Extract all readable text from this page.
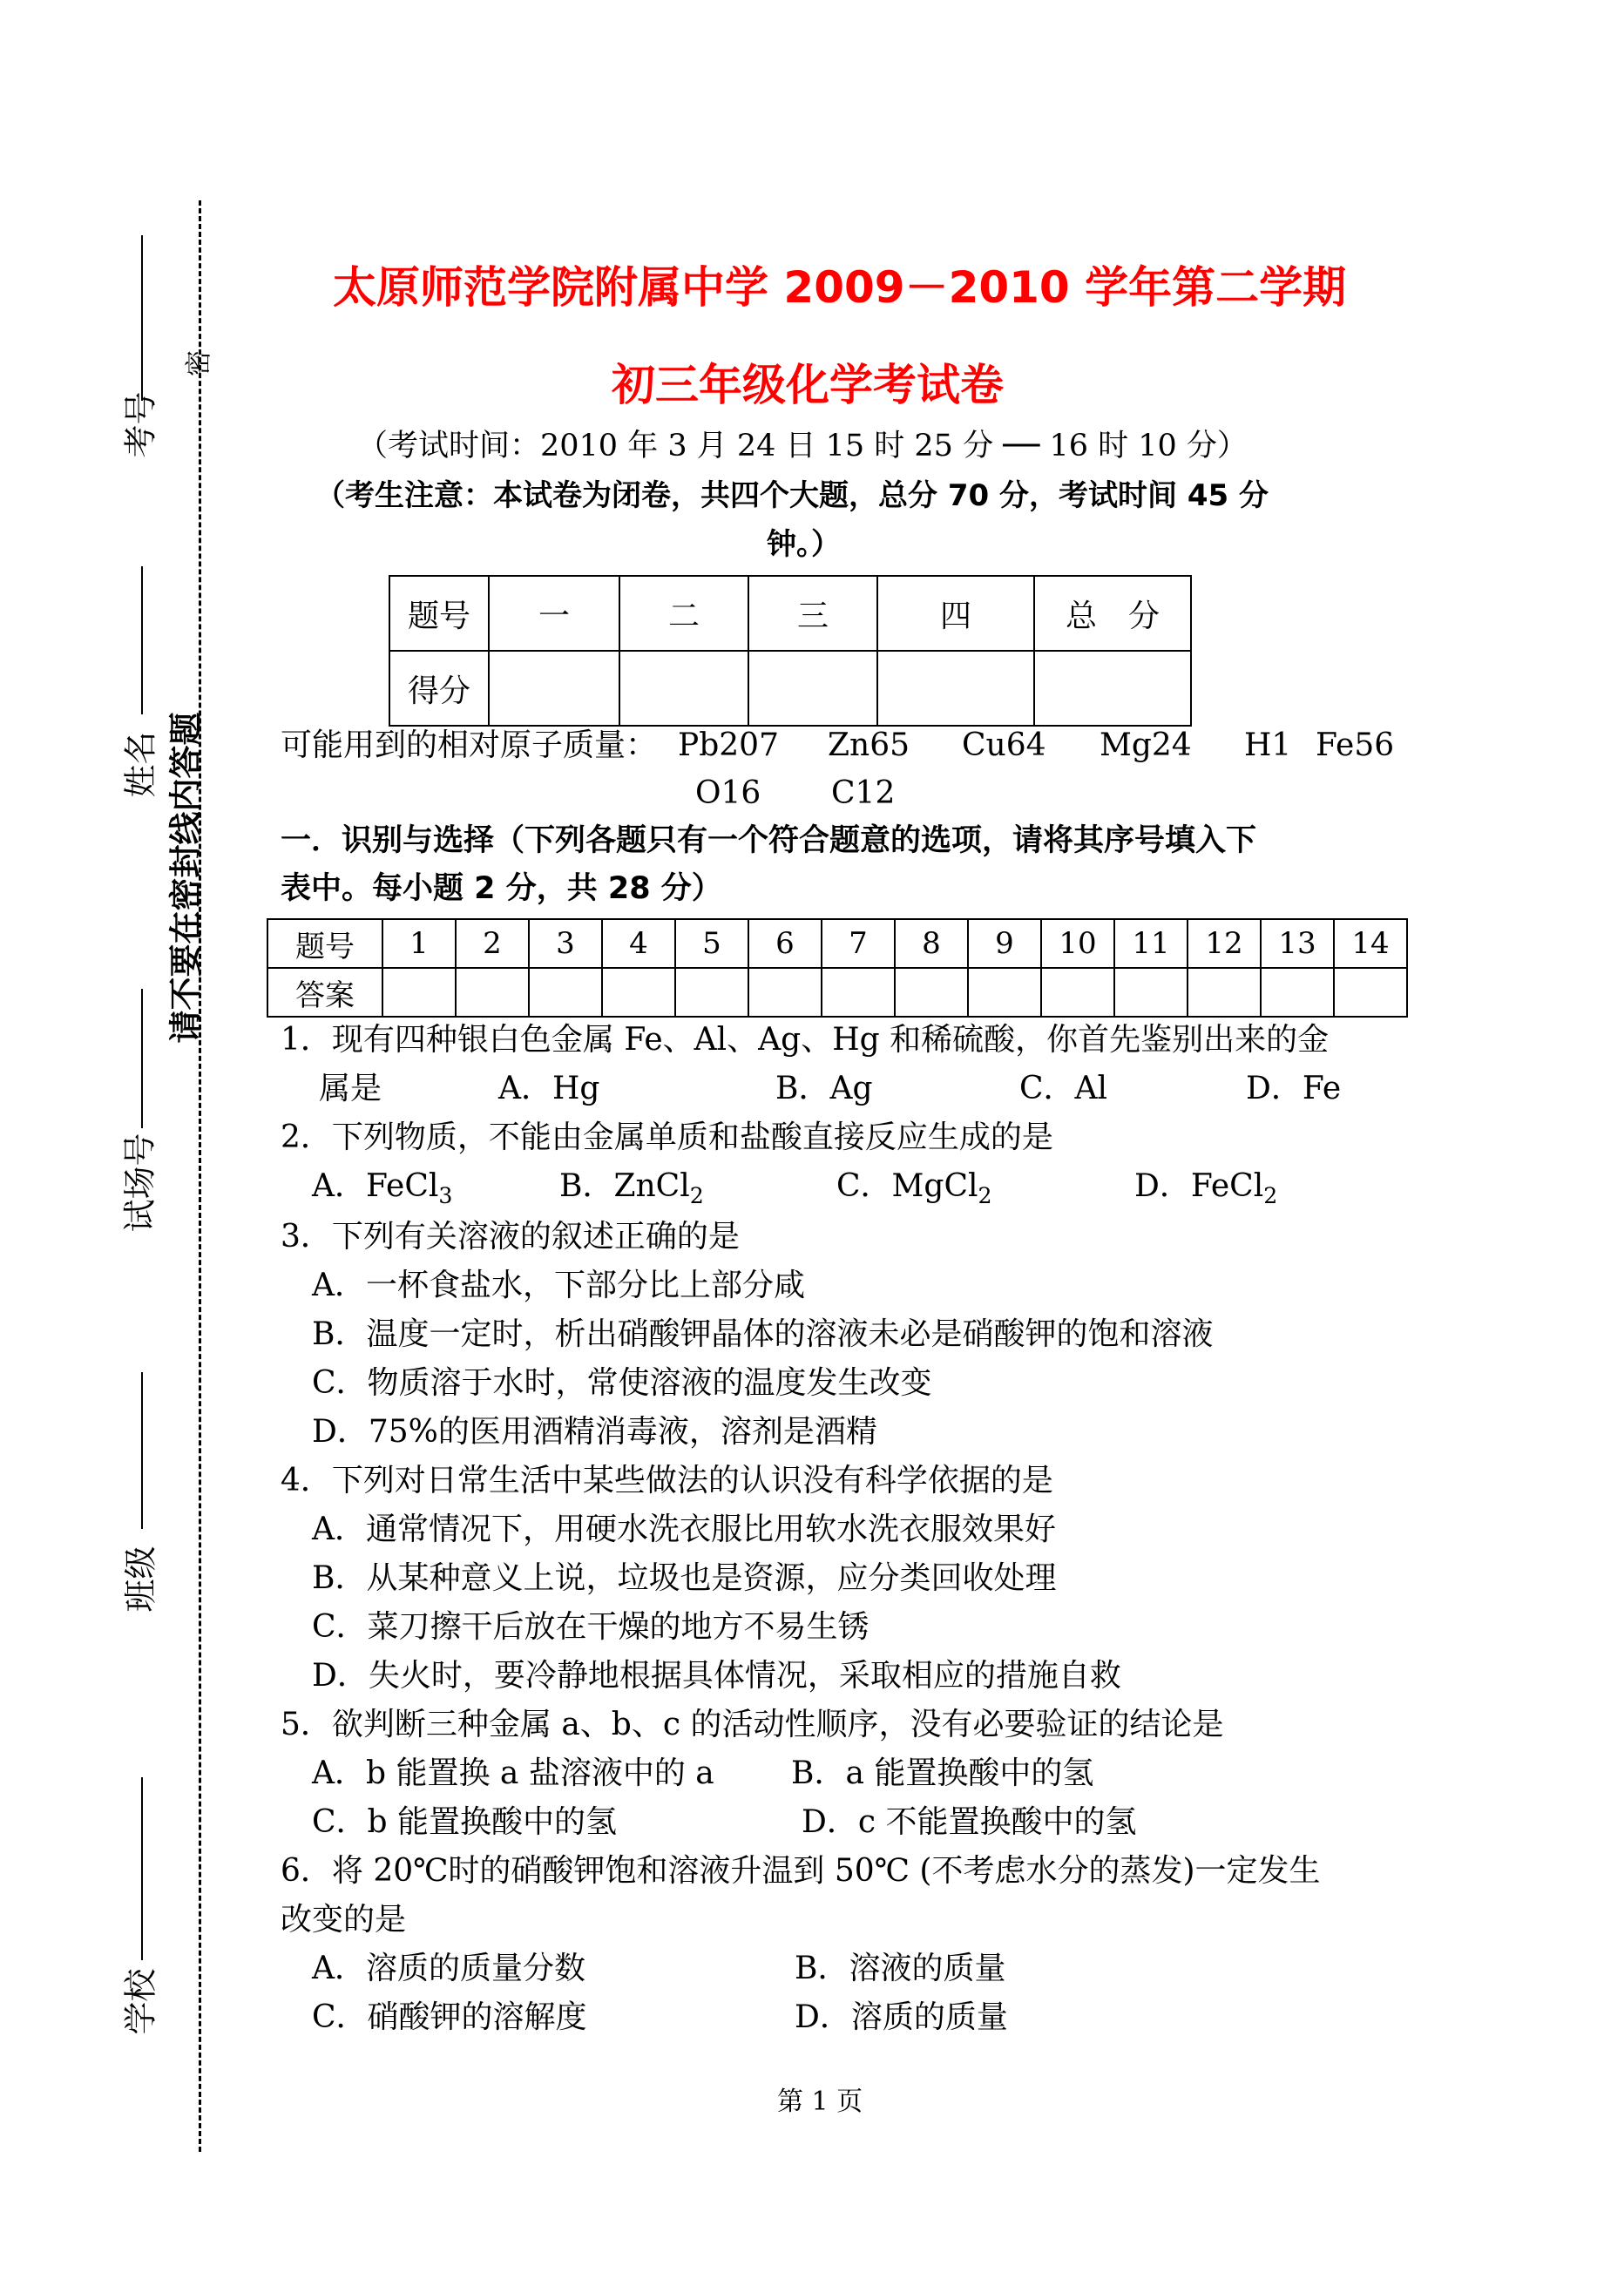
密
请不要在密封线内答题
考号
姓名
试场号
班级
学校
太原师范学院附属中学 2009－2010 学年第二学期
初三年级化学考试卷
（考试时间：2010 年 3 月 24 日 15 时 25 分 ── 16 时 10 分）
（考生注意：本试卷为闭卷，共四个大题，总分 70 分，考试时间 45 分
钟。）
题号	一	二	三	四	总　分
得分					
可能用到的相对原子质量： Pb207 Zn65 Cu64 Mg24 H1 Fe56
O16 C12
一．识别与选择（下列各题只有一个符合题意的选项，请将其序号填入下
表中。每小题 2 分，共 28 分）
题号	1	2	3	4	5	6	7	8	9	10	11	12	13	14
答案														
1．现有四种银白色金属 Fe、Al、Ag、Hg 和稀硫酸，你首先鉴别出来的金
属是	A．Hg	B．Ag	C．Al	D．Fe
2．下列物质，不能由金属单质和盐酸直接反应生成的是
A．FeCl$_3$	B．ZnCl$_2$	C．MgCl$_2$	D．FeCl$_2$
3．下列有关溶液的叙述正确的是
A．一杯食盐水，下部分比上部分咸
B．温度一定时，析出硝酸钾晶体的溶液未必是硝酸钾的饱和溶液
C．物质溶于水时，常使溶液的温度发生改变
D．75%的医用酒精消毒液，溶剂是酒精
4．下列对日常生活中某些做法的认识没有科学依据的是
A．通常情况下，用硬水洗衣服比用软水洗衣服效果好
B．从某种意义上说，垃圾也是资源，应分类回收处理
C．菜刀擦干后放在干燥的地方不易生锈
D．失火时，要冷静地根据具体情况，采取相应的措施自救
5．欲判断三种金属 a、b、c 的活动性顺序，没有必要验证的结论是
A．b 能置换 a 盐溶液中的 a B．a 能置换酸中的氢
C．b 能置换酸中的氢	D．c 不能置换酸中的氢
6．将 20℃时的硝酸钾饱和溶液升温到 50℃ (不考虑水分的蒸发)一定发生
改变的是
A．溶质的质量分数	B．溶液的质量
C．硝酸钾的溶解度	D．溶质的质量
第 1 页
